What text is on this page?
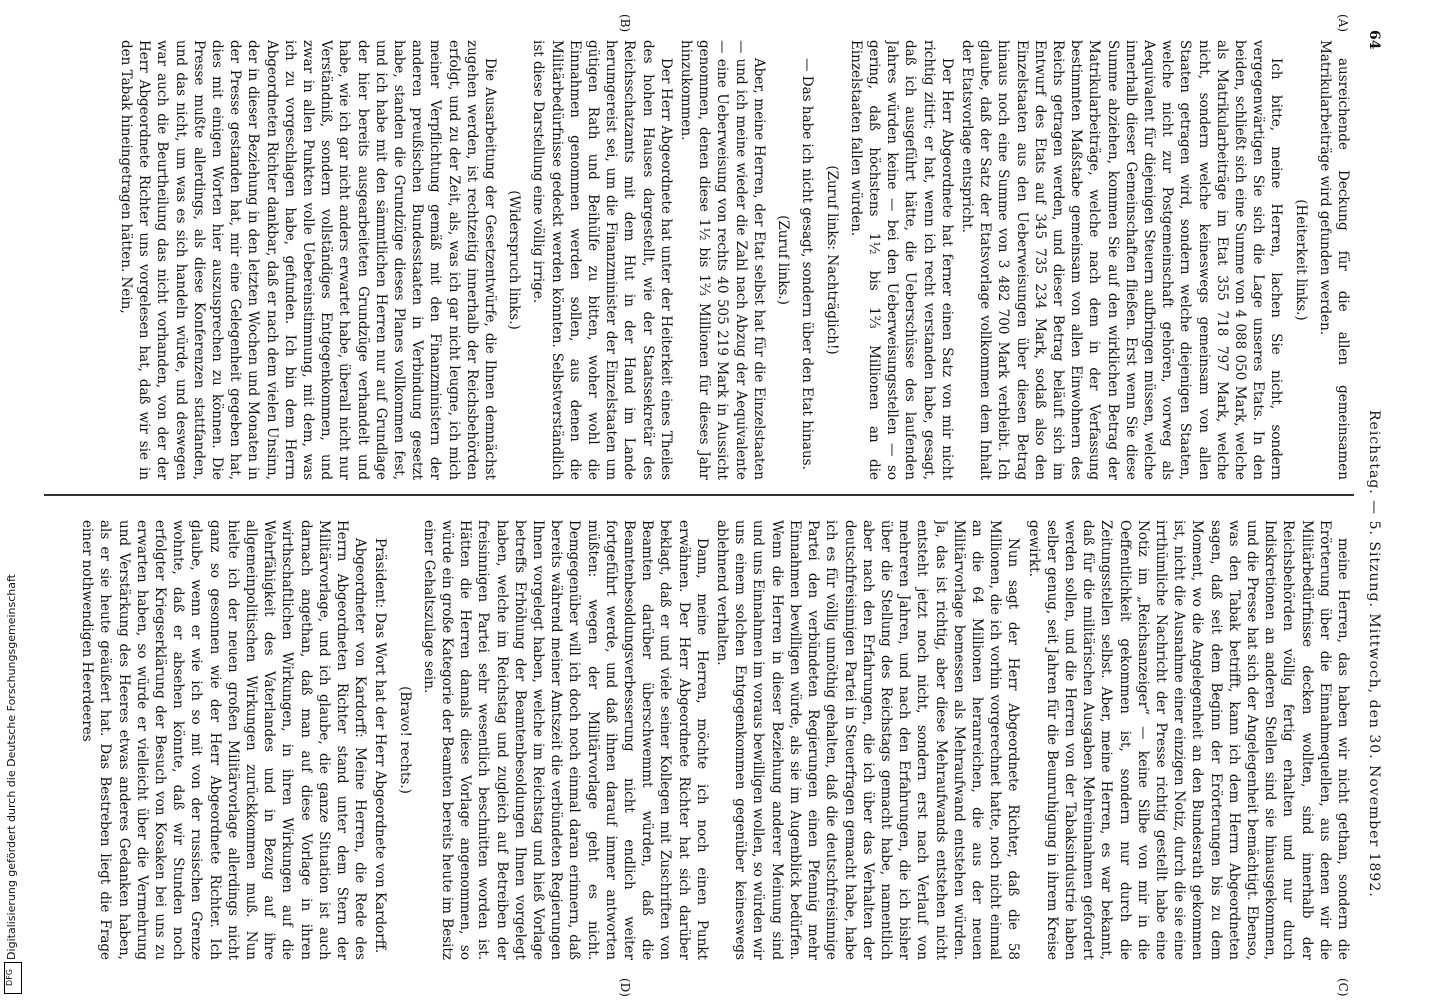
64
Reichstag. — 5. Sitzung. Mittwoch, den 30. November 1892.
(A)
(B)
(C)
(D)

ausreichende Deckung für die allen gemeinsamen Matrikularbeiträge wird gefunden werden.

(Heiterkeit links.)

Ich bitte, meine Herren, lachen Sie nicht, sondern vergegenwärtigen Sie sich die Lage unseres Etats. In den beiden, schließt sich eine Summe von 4 088 050 Mark, welche als Matrikularbeiträge im Etat 355 718 797 Mark, welche nicht, sondern welche keineswegs gemeinsam von allen Staaten getragen wird, sondern welche diejenigen Staaten, welche nicht zur Postgemeinschaft gehören, vorweg als Aequivalent für diejenigen Steuern aufbringen müssen, welche innerhalb dieser Gemeinschaften fließen. Erst wenn Sie diese Summe abziehen, kommen Sie auf den wirklichen Betrag der Matrikularbeiträge, welche nach dem in der Verfassung bestimmten Maßstabe gemeinsam von allen Einwohnern des Reichs getragen werden, und dieser Betrag beläuft sich im Entwurf des Etats auf 345 735 234 Mark, sodaß also den Einzelstaaten aus den Ueberweisungen über diesen Betrag hinaus noch eine Summe von 3 482 700 Mark verbleibt. Ich glaube, daß der Satz der Etatsvorlage vollkommen dem Inhalt der Etatsvorlage entspricht.

Der Herr Abgeordnete hat ferner einen Satz von mir nicht richtig zitirt; er hat, wenn ich recht verstanden habe, gesagt, daß ich ausgeführt hätte, die Ueberschüsse des laufenden Jahres würden keine — bei den Ueberweisungsstellen — so gering, daß höchstens 1½ bis 1⅔ Millionen an die Einzelstaaten fallen würden.

(Zuruf links: Nachträglich!)

— Das habe ich nicht gesagt, sondern über den Etat hinaus.

(Zuruf links.)

Aber, meine Herren, der Etat selbst hat für die Einzelstaaten — und ich meine wieder die Zahl nach Abzug der Aequivalente — eine Ueberweisung von rechts 40 505 219 Mark in Aussicht genommen, denen diese 1½ bis 1⅔ Millionen für dieses Jahr hinzukommen.

Der Herr Abgeordnete hat unter der Heiterkeit eines Theiles des hohen Hauses dargestellt, wie der Staatssekretär des Reichsschatzamts mit dem Hut in der Hand im Lande herumgereist sei, um die Finanzminister der Einzelstaaten um gütigen Rath und Beihülfe zu bitten, woher wohl die Einnahmen genommen werden sollen, aus denen die Militärbedürfnisse gedeckt werden könnten. Selbstverständlich ist diese Darstellung eine völlig irrige.

(Widerspruch links.)

Die Ausarbeitung der Gesetzentwürfe, die Ihnen demnächst zugehen werden, ist rechtzeitig innerhalb der Reichsbehörden erfolgt, und zu der Zeit, als, was ich gar nicht leugne, ich mich meiner Verpflichtung gemäß mit den Finanzministern der anderen preußischen Bundesstaaten in Verbindung gesetzt habe, standen die Grundzüge dieses Planes vollkommen fest, und ich habe mit den sämmtlichen Herren nur auf Grundlage der hier bereits ausgearbeiteten Grundzüge verhandelt und habe, wie ich gar nicht anders erwartet habe, überall nicht nur Verständniß, sondern vollständiges Entgegenkommen, und zwar in allen Punkten volle Uebereinstimmung, mit dem, was ich zu vorgeschlagen habe, gefunden. Ich bin dem Herrn Abgeordneten Richter dankbar, daß er nach dem vielen Unsinn, der in dieser Beziehung in den letzten Wochen und Monaten in der Presse gestanden hat, mir eine Gelegenheit gegeben hat, dies mit einigen Worten hier auszusprechen zu können. Die Presse mußte allerdings, als diese Konferenzen stattfanden, und das nicht, um was es sich handeln würde, und deswegen war auch die Beurtheilung das nicht vorhanden, von der der Herr Abgeordnete Richter uns vorgelesen hat, daß wir sie in den Tabak hineingetragen hätten. Nein,

meine Herren, das haben wir nicht gethan, sondern die Erörterung über die Einnahmequellen, aus denen wir die Militärbedürfnisse decken wollten, sind innerhalb der Reichsbehörden völlig fertig erhalten und nur durch Indiskretionen an anderen Stellen sind sie hinausgekommen, und die Presse hat sich der Angelegenheit bemächtigt. Ebenso, was den Tabak betrifft, kann ich dem Herrn Abgeordneten sagen, daß seit dem Beginn der Erörterungen bis zu dem Moment, wo die Angelegenheit an den Bundesrath gekommen ist, nicht die Ausnahme einer einzigen Notiz, durch die sie eine irrthümliche Nachricht der Presse richtig gestellt habe eine Notiz im „Reichsanzeiger“ — keine Silbe von mir in die Oeffentlichkeit gekommen ist, sondern nur durch die Zeitungsstellen selbst. Aber, meine Herren, es war bekannt, daß für die militärischen Ausgaben Mehreinnahmen gefordert werden sollen, und die Herren von der Tabaksindustrie haben selber genug, seit Jahren für die Beunruhigung in ihrem Kreise gewirkt.

Nun sagt der Herr Abgeordnete Richter, daß die 58 Millionen, die ich vorhin vorgerechnet hatte, noch nicht einmal an die 64 Millionen heranreichen, die aus der neuen Militärvorlage bemessen als Mehraufwand entstehen würden. Ja, das ist richtig, aber diese Mehraufwands entstehen nicht entsteht jetzt noch nicht, sondern erst nach Verlauf von mehreren Jahren, und nach den Erfahrungen, die ich bisher über die Stellung des Reichstags gemacht habe, namentlich aber nach den Erfahrungen, die ich über das Verhalten der deutschfreisinnigen Partei in Steuerfragen gemacht habe, habe ich es für völlig unnöthig gehalten, daß die deutschfreisinnige Partei den verbündeten Regierungen einen Pfennig mehr Einnahmen bewilligen würde, als sie im Augenblick bedürfen. Wenn die Herren in dieser Beziehung anderer Meinung sind und uns Einnahmen im voraus bewilligen wollen, so würden wir uns einem solchen Entgegenkommen gegenüber keineswegs ablehnend verhalten.

Dann, meine Herren, möchte ich noch einen Punkt erwähnen. Der Herr Abgeordnete Richter hat sich darüber beklagt, daß er und viele seiner Kollegen mit Zuschriften von Beamten darüber überschwemmt würden, daß die Beamtenbesoldungsverbesserung nicht endlich weiter fortgeführt werde, und daß ihnen darauf immer antworten müßten: wegen der Militärvorlage geht es nicht. Demgegenüber will ich doch noch einmal daran erinnern, daß bereits während meiner Amtszeit die verbündeten Regierungen Ihnen vorgelegt haben, welche im Reichstag und hieß Vorlage betreffs Erhöhung der Beamtenbesoldungen Ihnen vorgelegt haben, welche im Reichstag und zugleich auf Betreiben der freisinnigen Partei sehr wesentlich beschnitten worden ist. Hätten die Herren damals diese Vorlage angenommen, so würde ein große Kategorie der Beamten bereits heute im Besitz einer Gehaltszulage sein.

(Bravo! rechts.)

Präsident: Das Wort hat der Herr Abgeordnete von Kardorff.

Abgeordneter von Kardorff: Meine Herren, die Rede des Herrn Abgeordneten Richter stand unter dem Stern der Militärvorlage, und ich glaube, die ganze Situation ist auch darnach angethan, daß man auf diese Vorlage in ihren wirthschaftlichen Wirkungen, in ihren Wirkungen auf die Wehrfähigkeit des Vaterlandes und in Bezug auf ihre allgemeinpolitischen Wirkungen zurückkommen muß. Nun hielte ich der neuen großen Militärvorlage allerdings nicht ganz so gesonnen wie der Herr Abgeordnete Richter. Ich glaube, wenn er wie ich so mit von der russischen Grenze wohnte, daß er absehen könnte, daß wir Stunden noch erfolgter Kriegserklärung der Besuch von Kosaken bei uns zu erwarten haben, so würde er vielleicht über die Vermehrung und Verstärkung des Heeres etwas anderes Gedanken haben, als er sie heute geäußert hat. Das Bestreben liegt die Frage einer nothwendigen Heerdeeres

Digitalisierung gefördert durch die Deutsche Forschungsgemeinschaft
DFG
